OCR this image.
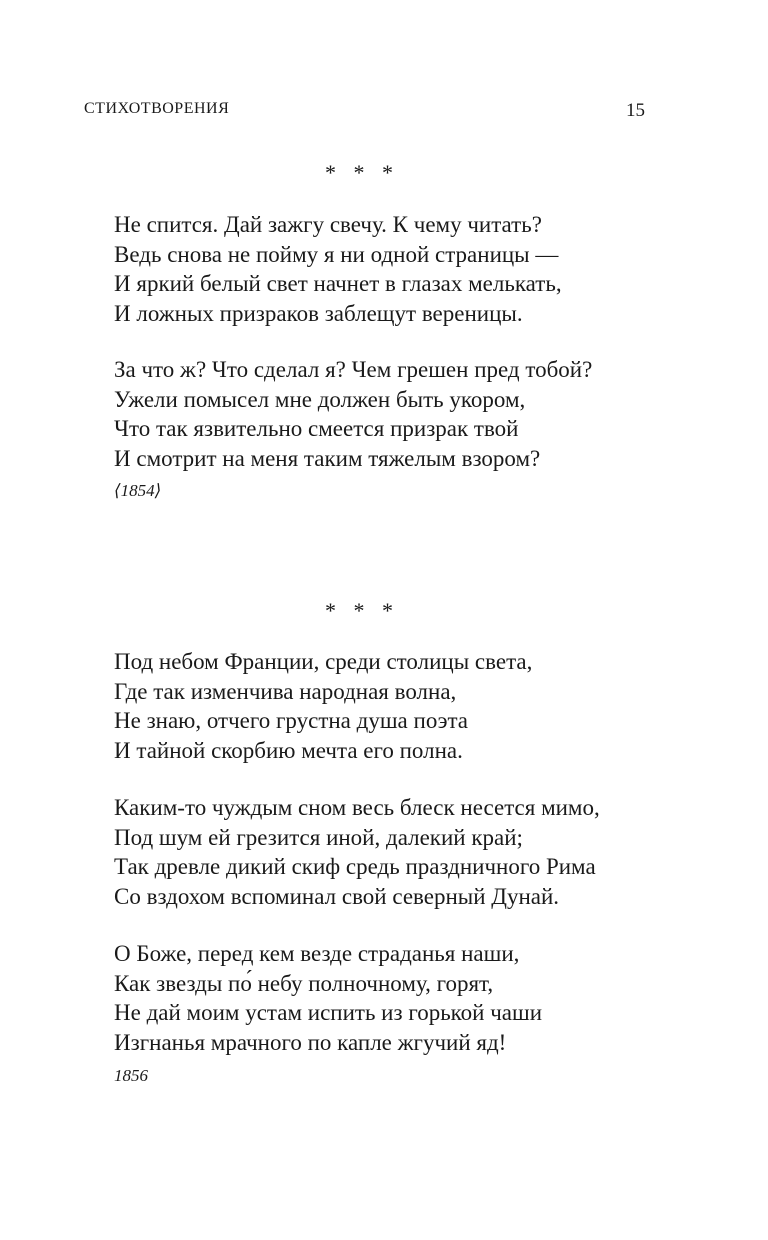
СТИХОТВОРЕНИЯ	15
* * *

Не спится. Дай зажгу свечу. К чему читать?
Ведь снова не пойму я ни одной страницы —
И яркий белый свет начнет в глазах мелькать,
И ложных призраков заблещут вереницы.

За что ж? Что сделал я? Чем грешен пред тобой?
Ужели помысел мне должен быть укором,
Что так язвительно смеется призрак твой
И смотрит на меня таким тяжелым взором?

⟨1854⟩
* * *

Под небом Франции, среди столицы света,
Где так изменчива народная волна,
Не знаю, отчего грустна душа поэта
И тайной скорбию мечта его полна.

Каким-то чуждым сном весь блеск несется мимо,
Под шум ей грезится иной, далекий край;
Так древле дикий скиф средь праздничного Рима
Со вздохом вспоминал свой северный Дунай.

О Боже, перед кем везде страданья наши,
Как звезды по́ небу полночному, горят,
Не дай моим устам испить из горькой чаши
Изгнанья мрачного по капле жгучий яд!

1856
